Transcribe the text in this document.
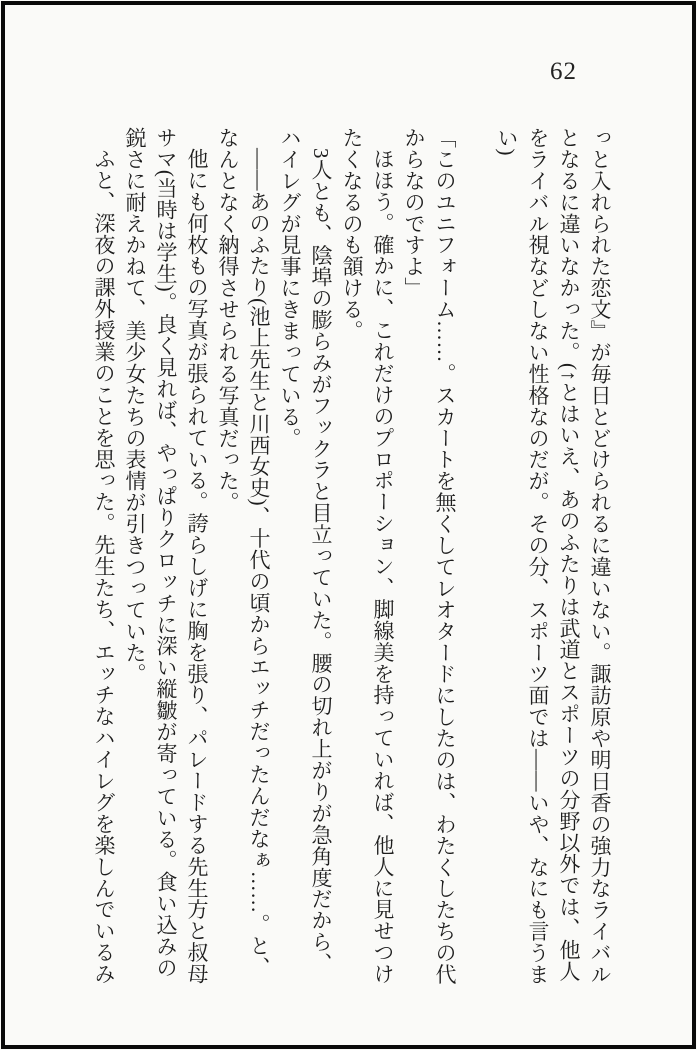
62

っと入れられた恋文』が毎日とどけられるに違いない。諏訪原や明日香の強力なライバルとなるに違いなかった。(↑とはいえ、あのふたりは武道とスポーツの分野以外では、他人をライバル視などしない性格なのだが。その分、スポーツ面では――いや、なにも言うまい)

「このユニフォーム……。スカートを無くしてレオタードにしたのは、わたくしたちの代からなのですよ」

ほほう。確かに、これだけのプロポーション、脚線美を持っていれば、他人に見せつけたくなるのも頷ける。

3人とも、陰埠の膨らみがフックラと目立っていた。腰の切れ上がりが急角度だから、ハイレグが見事にきまっている。

――あのふたり(池上先生と川西女史)、十代の頃からエッチだったんだなぁ……。と、なんとなく納得させられる写真だった。

他にも何枚もの写真が張られている。誇らしげに胸を張り、パレードする先生方と叔母サマ(当時は学生)。良く見れば、やっぱりクロッチに深い縦皺が寄っている。食い込みの鋭さに耐えかねて、美少女たちの表情が引きつっていた。

ふと、深夜の課外授業のことを思った。先生たち、エッチなハイレグを楽しんでいるみ
